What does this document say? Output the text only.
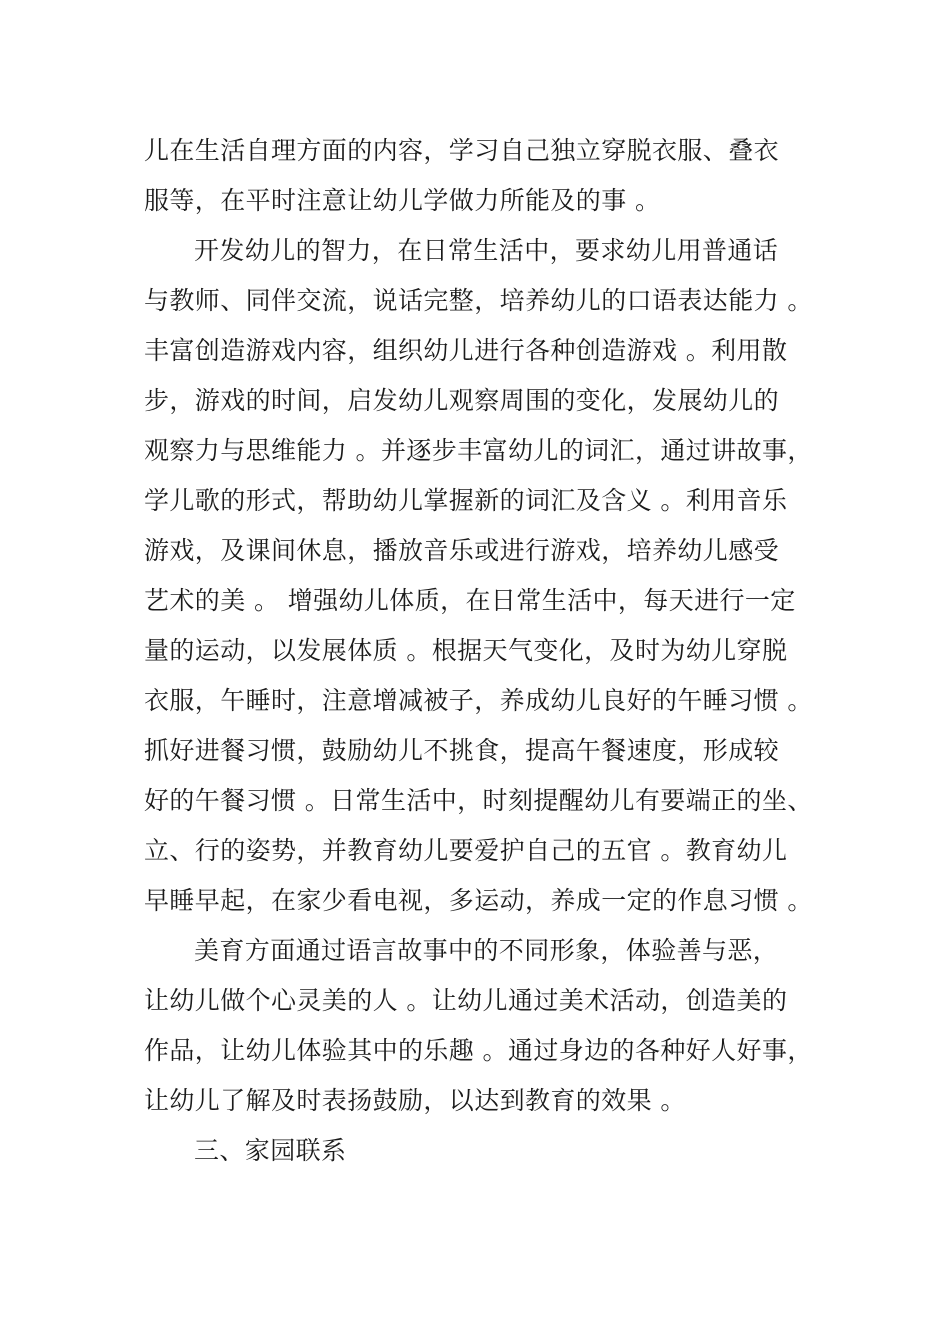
儿在生活自理方面的内容，学习自己独立穿脱衣服、叠衣
服等，在平时注意让幼儿学做力所能及的事 。
开发幼儿的智力，在日常生活中，要求幼儿用普通话
与教师、同伴交流，说话完整，培养幼儿的口语表达能力 。
丰富创造游戏内容，组织幼儿进行各种创造游戏 。利用散
步，游戏的时间，启发幼儿观察周围的变化，发展幼儿的
观察力与思维能力 。并逐步丰富幼儿的词汇，通过讲故事，
学儿歌的形式，帮助幼儿掌握新的词汇及含义 。利用音乐
游戏，及课间休息，播放音乐或进行游戏，培养幼儿感受
艺术的美 。 增强幼儿体质，在日常生活中，每天进行一定
量的运动，以发展体质 。根据天气变化，及时为幼儿穿脱
衣服，午睡时，注意增减被子，养成幼儿良好的午睡习惯 。
抓好进餐习惯，鼓励幼儿不挑食，提高午餐速度，形成较
好的午餐习惯 。日常生活中，时刻提醒幼儿有要端正的坐、
立、行的姿势，并教育幼儿要爱护自己的五官 。教育幼儿
早睡早起，在家少看电视，多运动，养成一定的作息习惯 。
美育方面通过语言故事中的不同形象，体验善与恶，
让幼儿做个心灵美的人 。让幼儿通过美术活动，创造美的
作品，让幼儿体验其中的乐趣 。通过身边的各种好人好事，
让幼儿了解及时表扬鼓励，以达到教育的效果 。
三、家园联系
